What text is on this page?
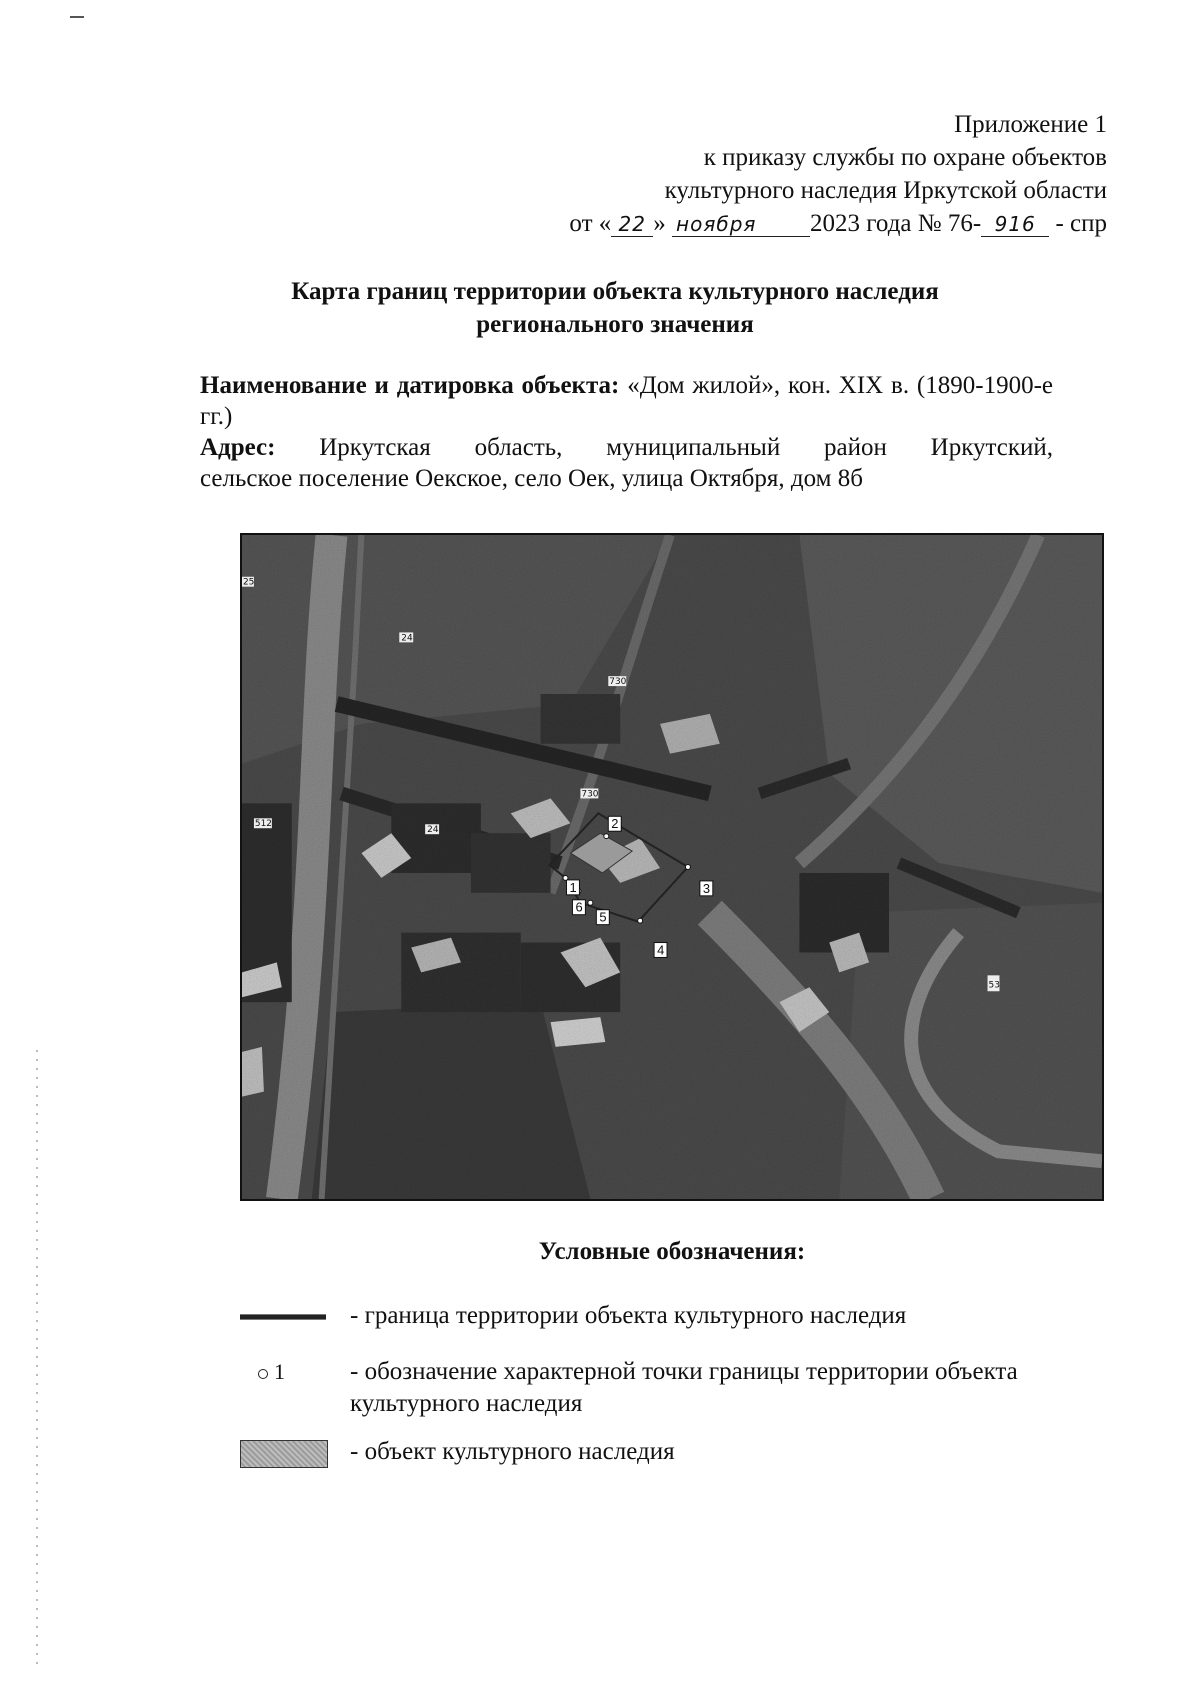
Приложение 1
к приказу службы по охране объектов
культурного наследия Иркутской области
от « 22 » ноября 2023 года № 76- 916 - спр
Карта границ территории объекта культурного наследия
регионального значения

Наименование и датировка объекта: «Дом жилой», кон. XIX в. (1890-1900-е гг.)

Адрес: Иркутская область, муниципальный район Иркутский,

сельское поселение Оекское, село Оек, улица Октября, дом 8б

25
24
730
730
24
512
53
1
2
3
4
5
6
Условные обозначения:
- граница территории объекта культурного наследия
1	- обозначение характерной точки границы территории объекта культурного наследия
- объект культурного наследия
